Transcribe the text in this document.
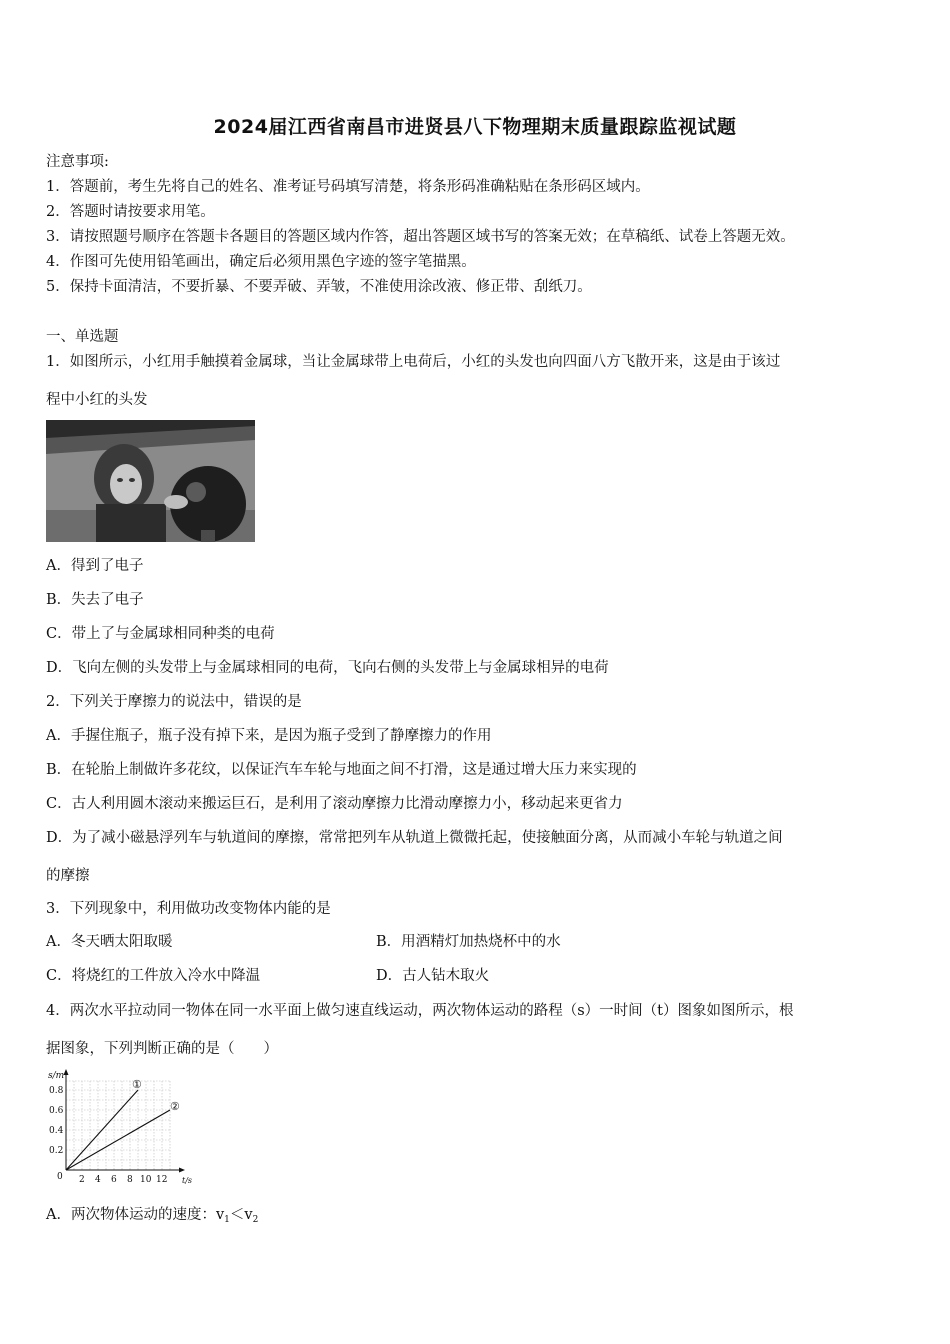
2024届江西省南昌市进贤县八下物理期末质量跟踪监视试题
注意事项:
1．答题前，考生先将自己的姓名、准考证号码填写清楚，将条形码准确粘贴在条形码区域内。
2．答题时请按要求用笔。
3．请按照题号顺序在答题卡各题目的答题区域内作答，超出答题区域书写的答案无效；在草稿纸、试卷上答题无效。
4．作图可先使用铅笔画出，确定后必须用黑色字迹的签字笔描黑。
5．保持卡面清洁，不要折暴、不要弄破、弄皱，不准使用涂改液、修正带、刮纸刀。
一、单选题
1．如图所示，小红用手触摸着金属球，当让金属球带上电荷后，小红的头发也向四面八方飞散开来，这是由于该过
程中小红的头发
A．得到了电子
B．失去了电子
C．带上了与金属球相同种类的电荷
D．飞向左侧的头发带上与金属球相同的电荷，飞向右侧的头发带上与金属球相异的电荷
2．下列关于摩擦力的说法中，错误的是
A．手握住瓶子，瓶子没有掉下来，是因为瓶子受到了静摩擦力的作用
B．在轮胎上制做许多花纹，以保证汽车车轮与地面之间不打滑，这是通过增大压力来实现的
C．古人利用圆木滚动来搬运巨石，是利用了滚动摩擦力比滑动摩擦力小，移动起来更省力
D．为了减小磁悬浮列车与轨道间的摩擦，常常把列车从轨道上微微托起，使接触面分离，从而减小车轮与轨道之间
的摩擦
3．下列现象中，利用做功改变物体内能的是
A．冬天晒太阳取暖	B．用酒精灯加热烧杯中的水
C．将烧红的工件放入冷水中降温	D．古人钻木取火
4．两次水平拉动同一物体在同一水平面上做匀速直线运动，两次物体运动的路程（s）一时间（t）图象如图所示，根
据图象，下列判断正确的是（　　）
s/m
t/s
0
0.2
0.4
0.6
0.8
2 4 6 8 10 12
①
②
A．两次物体运动的速度：$v_1<v_2$
